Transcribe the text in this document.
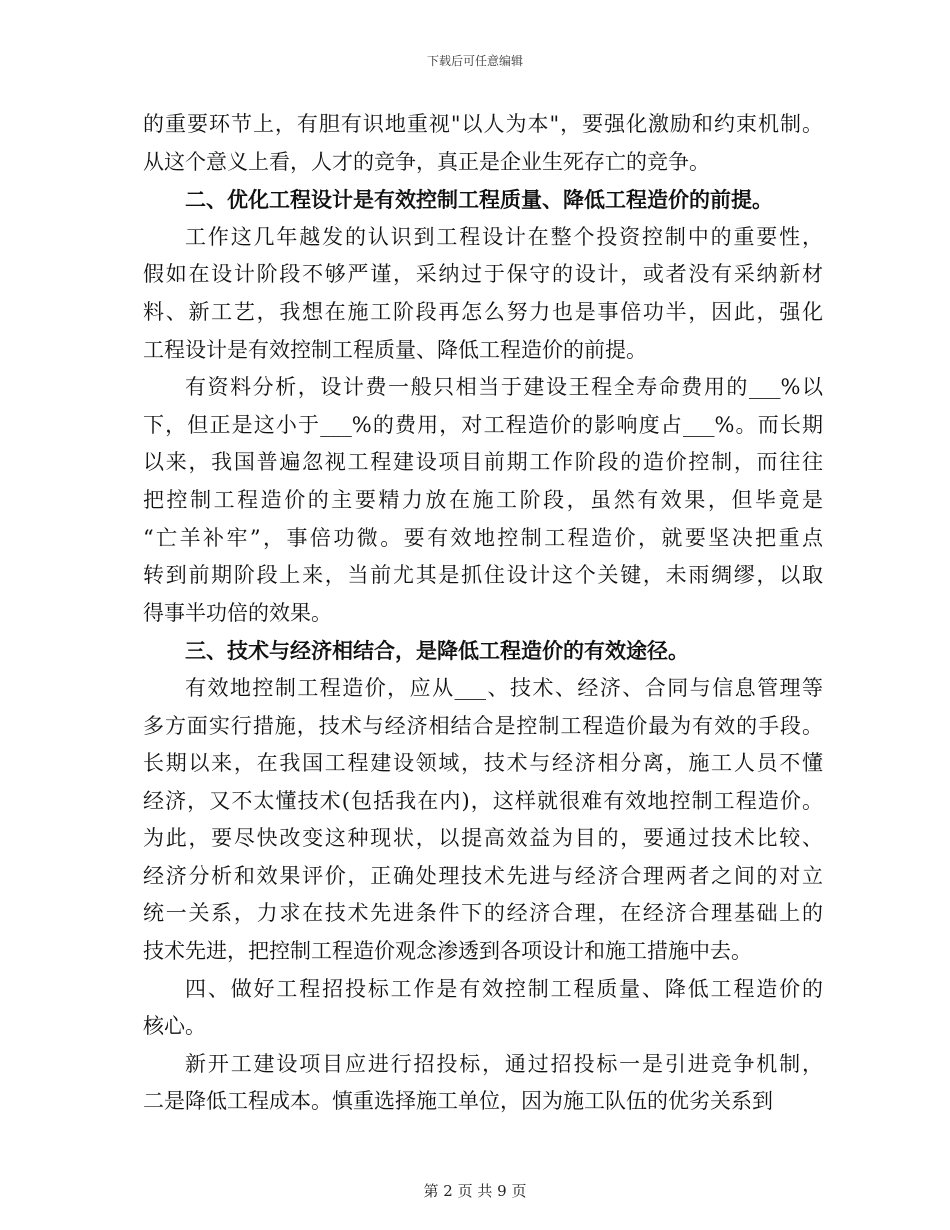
下载后可任意编辑
的重要环节上，有胆有识地重视"以人为本"，要强化激励和约束机制。
从这个意义上看，人才的竞争，真正是企业生死存亡的竞争。
二、优化工程设计是有效控制工程质量、降低工程造价的前提。
工作这几年越发的认识到工程设计在整个投资控制中的重要性，
假如在设计阶段不够严谨，采纳过于保守的设计，或者没有采纳新材
料、新工艺，我想在施工阶段再怎么努力也是事倍功半，因此，强化
工程设计是有效控制工程质量、降低工程造价的前提。
有资料分析，设计费一般只相当于建设王程全寿命费用的___%以
下，但正是这小于___%的费用，对工程造价的影响度占___%。而长期
以来，我国普遍忽视工程建设项目前期工作阶段的造价控制，而往往
把控制工程造价的主要精力放在施工阶段，虽然有效果，但毕竟是
“亡羊补牢”，事倍功微。要有效地控制工程造价，就要坚决把重点
转到前期阶段上来，当前尤其是抓住设计这个关键，未雨绸缪，以取
得事半功倍的效果。
三、技术与经济相结合，是降低工程造价的有效途径。
有效地控制工程造价，应从___、技术、经济、合同与信息管理等
多方面实行措施，技术与经济相结合是控制工程造价最为有效的手段。
长期以来，在我国工程建设领域，技术与经济相分离，施工人员不懂
经济，又不太懂技术(包括我在内)，这样就很难有效地控制工程造价。
为此，要尽快改变这种现状，以提高效益为目的，要通过技术比较、
经济分析和效果评价，正确处理技术先进与经济合理两者之间的对立
统一关系，力求在技术先进条件下的经济合理，在经济合理基础上的
技术先进，把控制工程造价观念渗透到各项设计和施工措施中去。
四、做好工程招投标工作是有效控制工程质量、降低工程造价的
核心。
新开工建设项目应进行招投标，通过招投标一是引进竞争机制，
二是降低工程成本。慎重选择施工单位，因为施工队伍的优劣关系到
第 2 页 共 9 页
